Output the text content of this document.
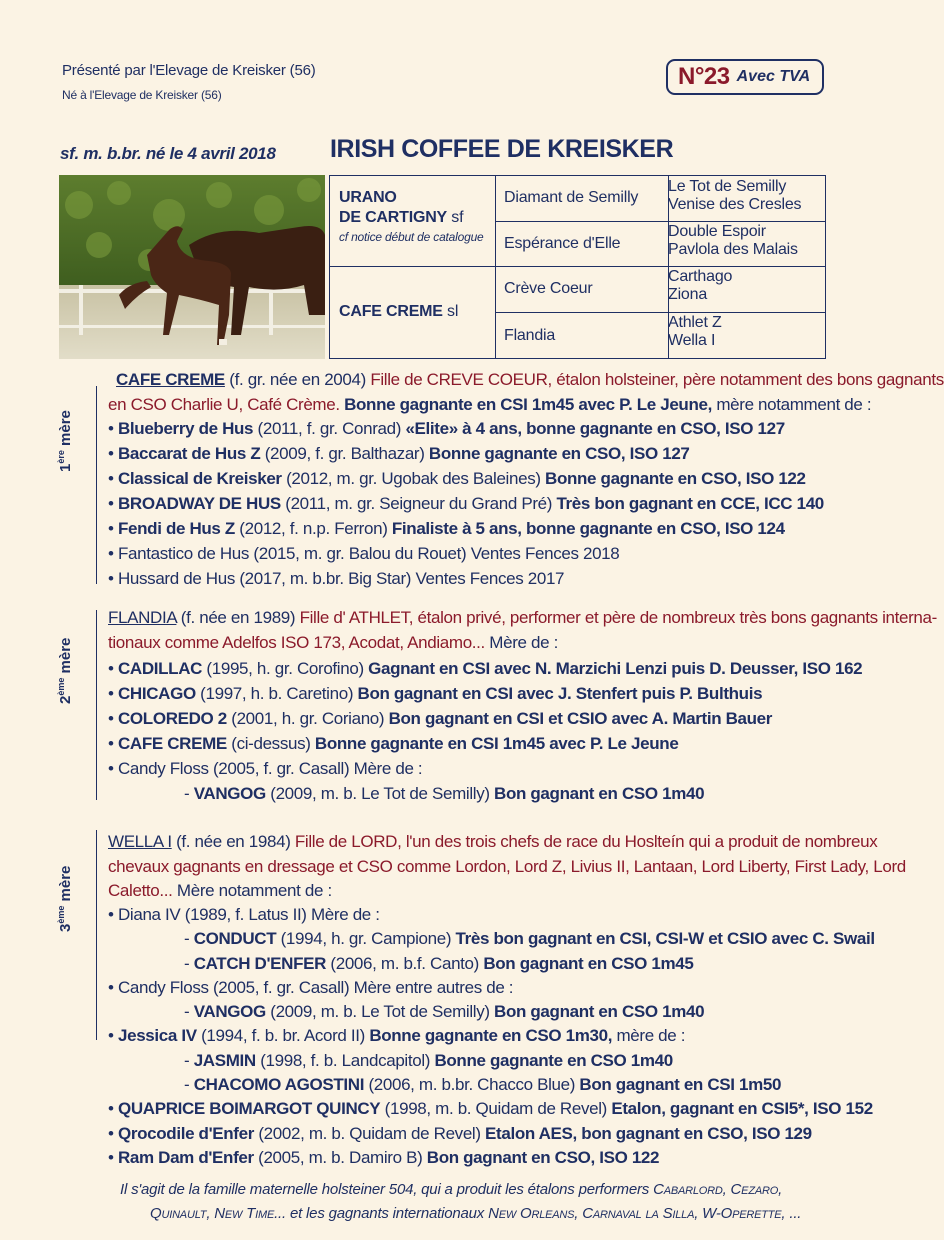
Présenté par l'Elevage de Kreisker (56)
Né à l'Elevage de Kreisker (56)
N°23 Avec TVA
sf. m. b.br. né le 4 avril 2018 IRISH COFFEE DE KREISKER
URANO
DE CARTIGNY sf
cf notice début de catalogue
CAFE CREME sl
Diamant de Semilly
Espérance d'Elle
Crève Coeur
Flandia
Le Tot de Semilly
Venise des Cresles
Double Espoir
Pavlola des Malais
Carthago
Ziona
Athlet Z
Wella I
1ère mère
2ème mère
3ème mère
CAFE CREME (f. gr. née en 2004) Fille de CREVE COEUR, étalon holsteiner, père notamment des bons gagnants
en CSO Charlie U, Café Crème. Bonne gagnante en CSI 1m45 avec P. Le Jeune, mère notamment de :
• Blueberry de Hus (2011, f. gr. Conrad) «Elite» à 4 ans, bonne gagnante en CSO, ISO 127
• Baccarat de Hus Z (2009, f. gr. Balthazar) Bonne gagnante en CSO, ISO 127
• Classical de Kreisker (2012, m. gr. Ugobak des Baleines) Bonne gagnante en CSO, ISO 122
• BROADWAY DE HUS (2011, m. gr. Seigneur du Grand Pré) Très bon gagnant en CCE, ICC 140
• Fendi de Hus Z (2012, f. n.p. Ferron) Finaliste à 5 ans, bonne gagnante en CSO, ISO 124
• Fantastico de Hus (2015, m. gr. Balou du Rouet) Ventes Fences 2018
• Hussard de Hus (2017, m. b.br. Big Star) Ventes Fences 2017
FLANDIA (f. née en 1989) Fille d' ATHLET, étalon privé, performer et père de nombreux très bons gagnants interna-
tionaux comme Adelfos ISO 173, Acodat, Andiamo... Mère de :
• CADILLAC (1995, h. gr. Corofino) Gagnant en CSI avec N. Marzichi Lenzi puis D. Deusser, ISO 162
• CHICAGO (1997, h. b. Caretino) Bon gagnant en CSI avec J. Stenfert puis P. Bulthuis
• COLOREDO 2 (2001, h. gr. Coriano) Bon gagnant en CSI et CSIO avec A. Martin Bauer
• CAFE CREME (ci-dessus) Bonne gagnante en CSI 1m45 avec P. Le Jeune
• Candy Floss (2005, f. gr. Casall) Mère de :
- VANGOG (2009, m. b. Le Tot de Semilly) Bon gagnant en CSO 1m40
WELLA I (f. née en 1984) Fille de LORD, l'un des trois chefs de race du Hoslteín qui a produit de nombreux
chevaux gagnants en dressage et CSO comme Lordon, Lord Z, Livius II, Lantaan, Lord Liberty, First Lady, Lord
Caletto... Mère notamment de :
• Diana IV (1989, f. Latus II) Mère de :
- CONDUCT (1994, h. gr. Campione) Très bon gagnant en CSI, CSI-W et CSIO avec C. Swail
- CATCH D'ENFER (2006, m. b.f. Canto) Bon gagnant en CSO 1m45
• Candy Floss (2005, f. gr. Casall) Mère entre autres de :
- VANGOG (2009, m. b. Le Tot de Semilly) Bon gagnant en CSO 1m40
• Jessica IV (1994, f. b. br. Acord II) Bonne gagnante en CSO 1m30, mère de :
- JASMIN (1998, f. b. Landcapitol) Bonne gagnante en CSO 1m40
- CHACOMO AGOSTINI (2006, m. b.br. Chacco Blue) Bon gagnant en CSI 1m50
• QUAPRICE BOIMARGOT QUINCY (1998, m. b. Quidam de Revel) Etalon, gagnant en CSI5*, ISO 152
• Qrocodile d'Enfer (2002, m. b. Quidam de Revel) Etalon AES, bon gagnant en CSO, ISO 129
• Ram Dam d'Enfer (2005, m. b. Damiro B) Bon gagnant en CSO, ISO 122
Il s'agit de la famille maternelle holsteiner 504, qui a produit les étalons performers Cabarlord, Cezaro,
Quinault, New Time... et les gagnants internationaux New Orleans, Carnaval la Silla, W-Operette, ...
